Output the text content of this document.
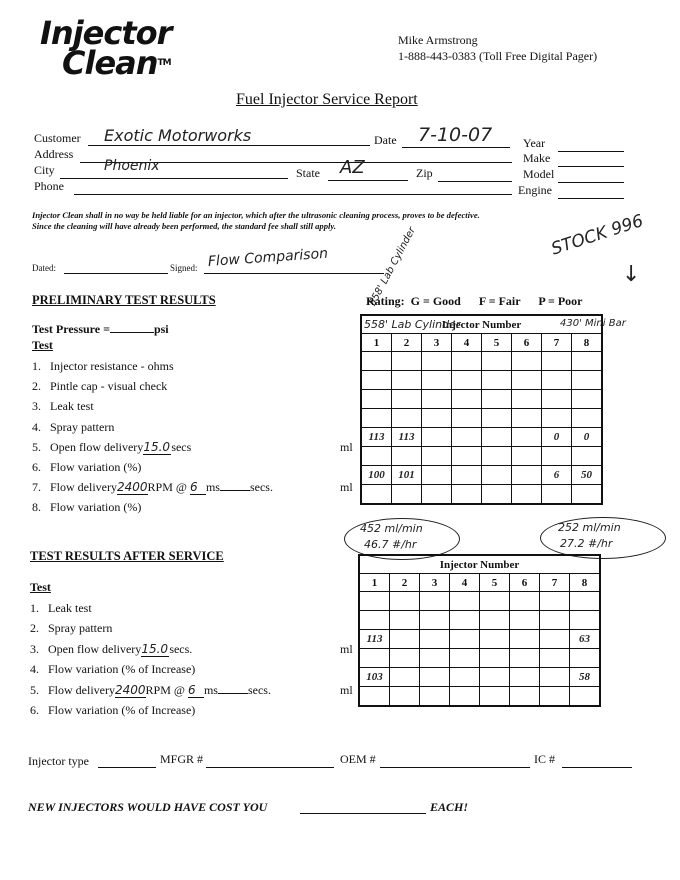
Injector
Clean™
Mike Armstrong
1-888-443-0383 (Toll Free Digital Pager)
Fuel Injector Service Report
Customer Exotic Motorworks	Date 7-10-07
Address
City	Phoenix	State AZ	Zip
Phone
Year
Make
Model
Engine
Injector Clean shall in no way be held liable for an injector, which after the ultrasonic cleaning process, proves to be defective.
Since the cleaning will have already been performed, the standard fee shall still apply.
Dated:	Signed: Flow Comparison	STOCK 996
↓
558' Lab Cylinder
PRELIMINARY TEST RESULTS	Rating:  G = Good      F = Fair      P = Poor
Test Pressure =	psi
Test
1. Injector resistance - ohms
2. Pintle cap - visual check
3. Leak test
4. Spray pattern
5. Open flow delivery15.0secs	ml
6. Flow variation (%)
7. Flow delivery2400RPM @ 6 ms	secs.	ml
8. Flow variation (%)
Injector Number							
1	2	3	4	5	6	7	8

113	113					0	0

100	101					6	50

558' Lab Cylinder	430' Mini Bar
452 ml/min
46.7 #/hr
252 ml/min
27.2 #/hr
TEST RESULTS AFTER SERVICE
Test
1. Leak test
2. Spray pattern
3. Open flow delivery15.0secs.	ml
4. Flow variation (% of Increase)
5. Flow delivery2400RPM @ 6 ms	secs.	ml
6. Flow variation (% of Increase)
Injector Number							
1	2	3	4	5	6	7	8

113							63

103							58

Injector type	MFGR #	OEM #	IC #
NEW INJECTORS WOULD HAVE COST YOU	EACH!
